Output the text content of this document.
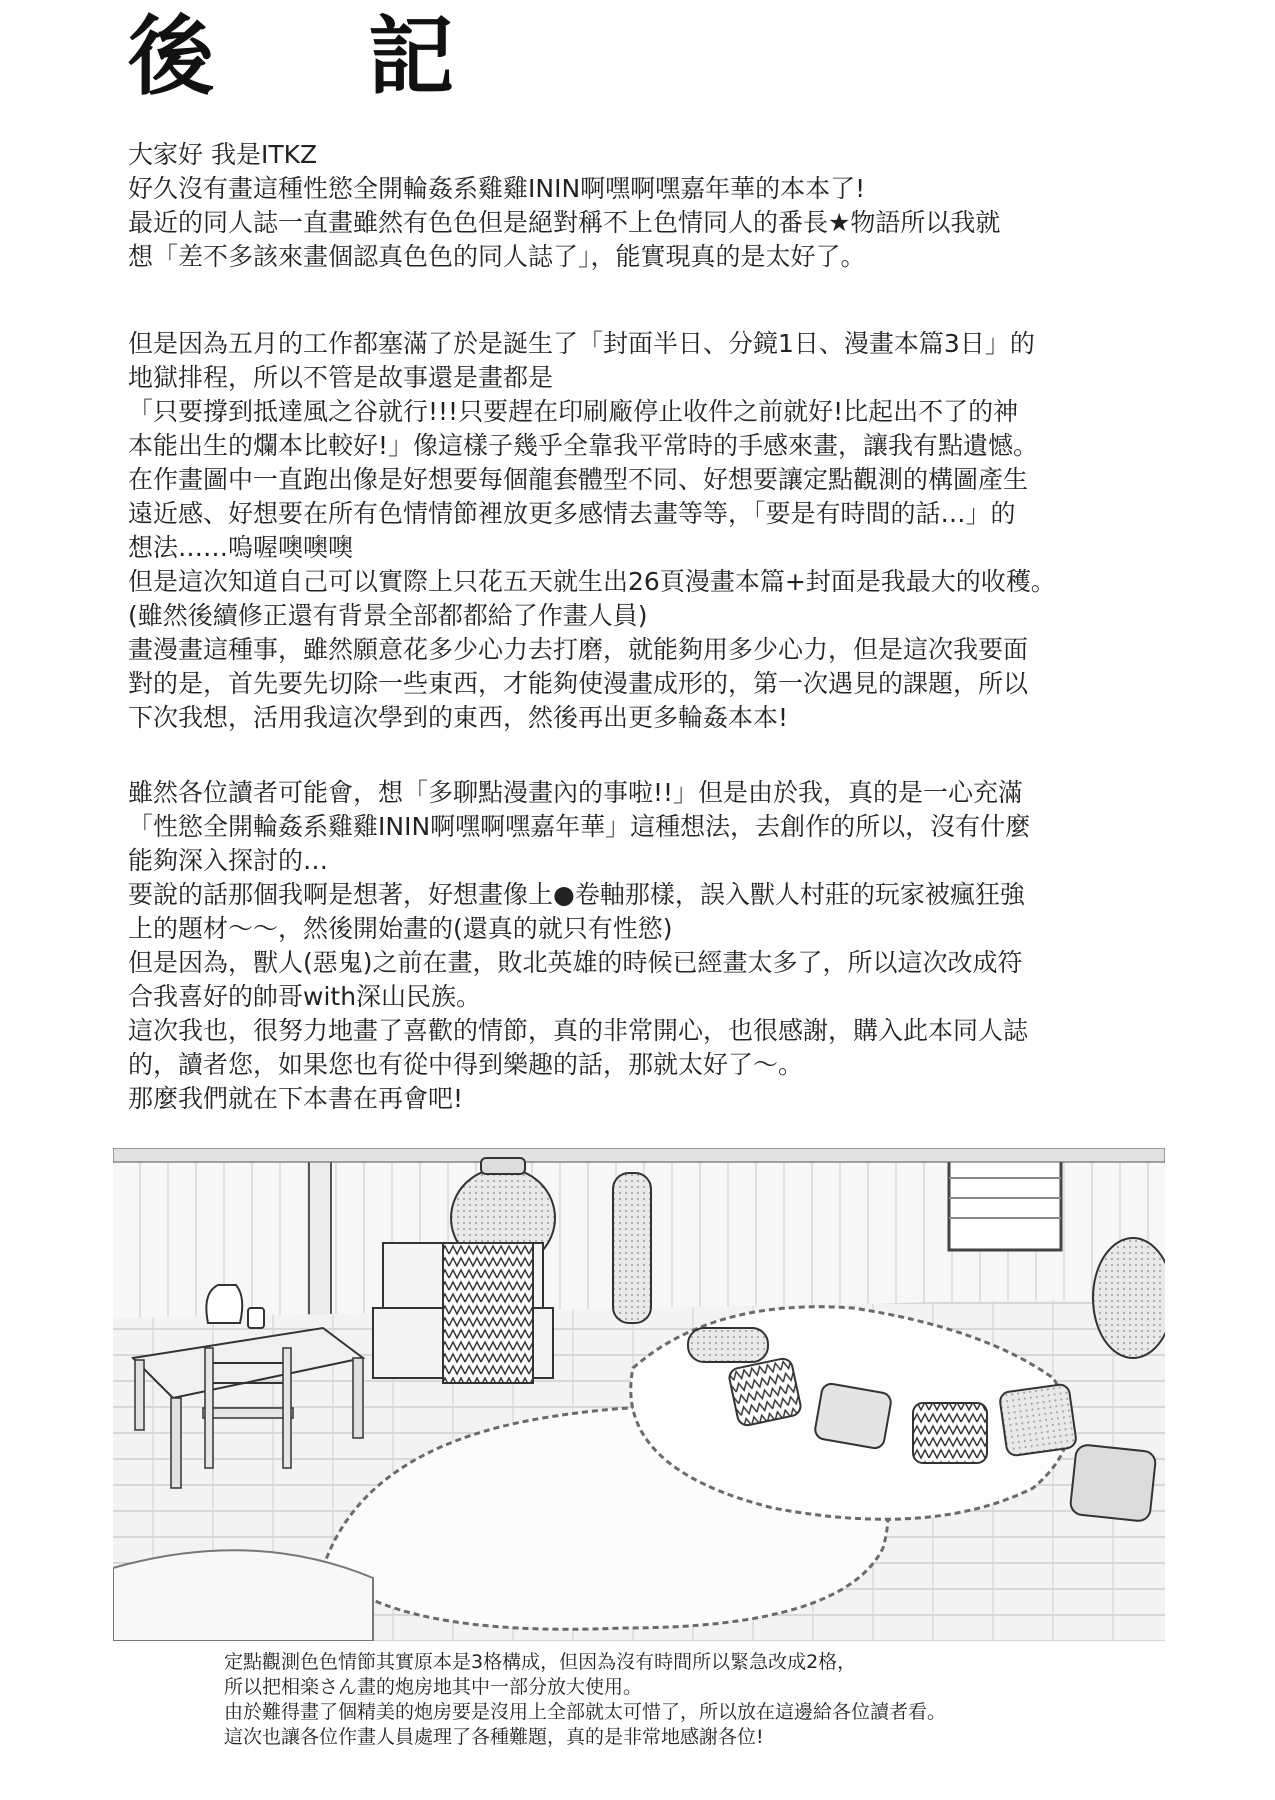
後　記
大家好 我是ITKZ
好久沒有畫這種性慾全開輪姦系雞雞ININ啊嘿啊嘿嘉年華的本本了!
最近的同人誌一直畫雖然有色色但是絕對稱不上色情同人的番長★物語所以我就
想「差不多該來畫個認真色色的同人誌了」，能實現真的是太好了。
但是因為五月的工作都塞滿了於是誕生了「封面半日、分鏡1日、漫畫本篇3日」的
地獄排程，所以不管是故事還是畫都是
「只要撐到抵達風之谷就行!!!只要趕在印刷廠停止收件之前就好!比起出不了的神
本能出生的爛本比較好!」像這樣子幾乎全靠我平常時的手感來畫，讓我有點遺憾。
在作畫圖中一直跑出像是好想要每個龍套體型不同、好想要讓定點觀測的構圖產生
遠近感、好想要在所有色情情節裡放更多感情去畫等等，「要是有時間的話…」的
想法……嗚喔噢噢噢
但是這次知道自己可以實際上只花五天就生出26頁漫畫本篇+封面是我最大的收穫。
(雖然後續修正還有背景全部都都給了作畫人員)
畫漫畫這種事，雖然願意花多少心力去打磨，就能夠用多少心力，但是這次我要面
對的是，首先要先切除一些東西，才能夠使漫畫成形的，第一次遇見的課題，所以
下次我想，活用我這次學到的東西，然後再出更多輪姦本本!
雖然各位讀者可能會，想「多聊點漫畫內的事啦!!」但是由於我，真的是一心充滿
「性慾全開輪姦系雞雞ININ啊嘿啊嘿嘉年華」這種想法，去創作的所以，沒有什麼
能夠深入探討的…
要說的話那個我啊是想著，好想畫像上●卷軸那樣，誤入獸人村莊的玩家被瘋狂強
上的題材～～，然後開始畫的(還真的就只有性慾)
但是因為，獸人(惡鬼)之前在畫，敗北英雄的時候已經畫太多了，所以這次改成符
合我喜好的帥哥with深山民族。
這次我也，很努力地畫了喜歡的情節，真的非常開心，也很感謝，購入此本同人誌
的，讀者您，如果您也有從中得到樂趣的話，那就太好了～。
那麼我們就在下本書在再會吧!
定點觀測色色情節其實原本是3格構成，但因為沒有時間所以緊急改成2格，
所以把相楽さん畫的炮房地其中一部分放大使用。
由於難得畫了個精美的炮房要是沒用上全部就太可惜了，所以放在這邊給各位讀者看。
這次也讓各位作畫人員處理了各種難題，真的是非常地感謝各位!
